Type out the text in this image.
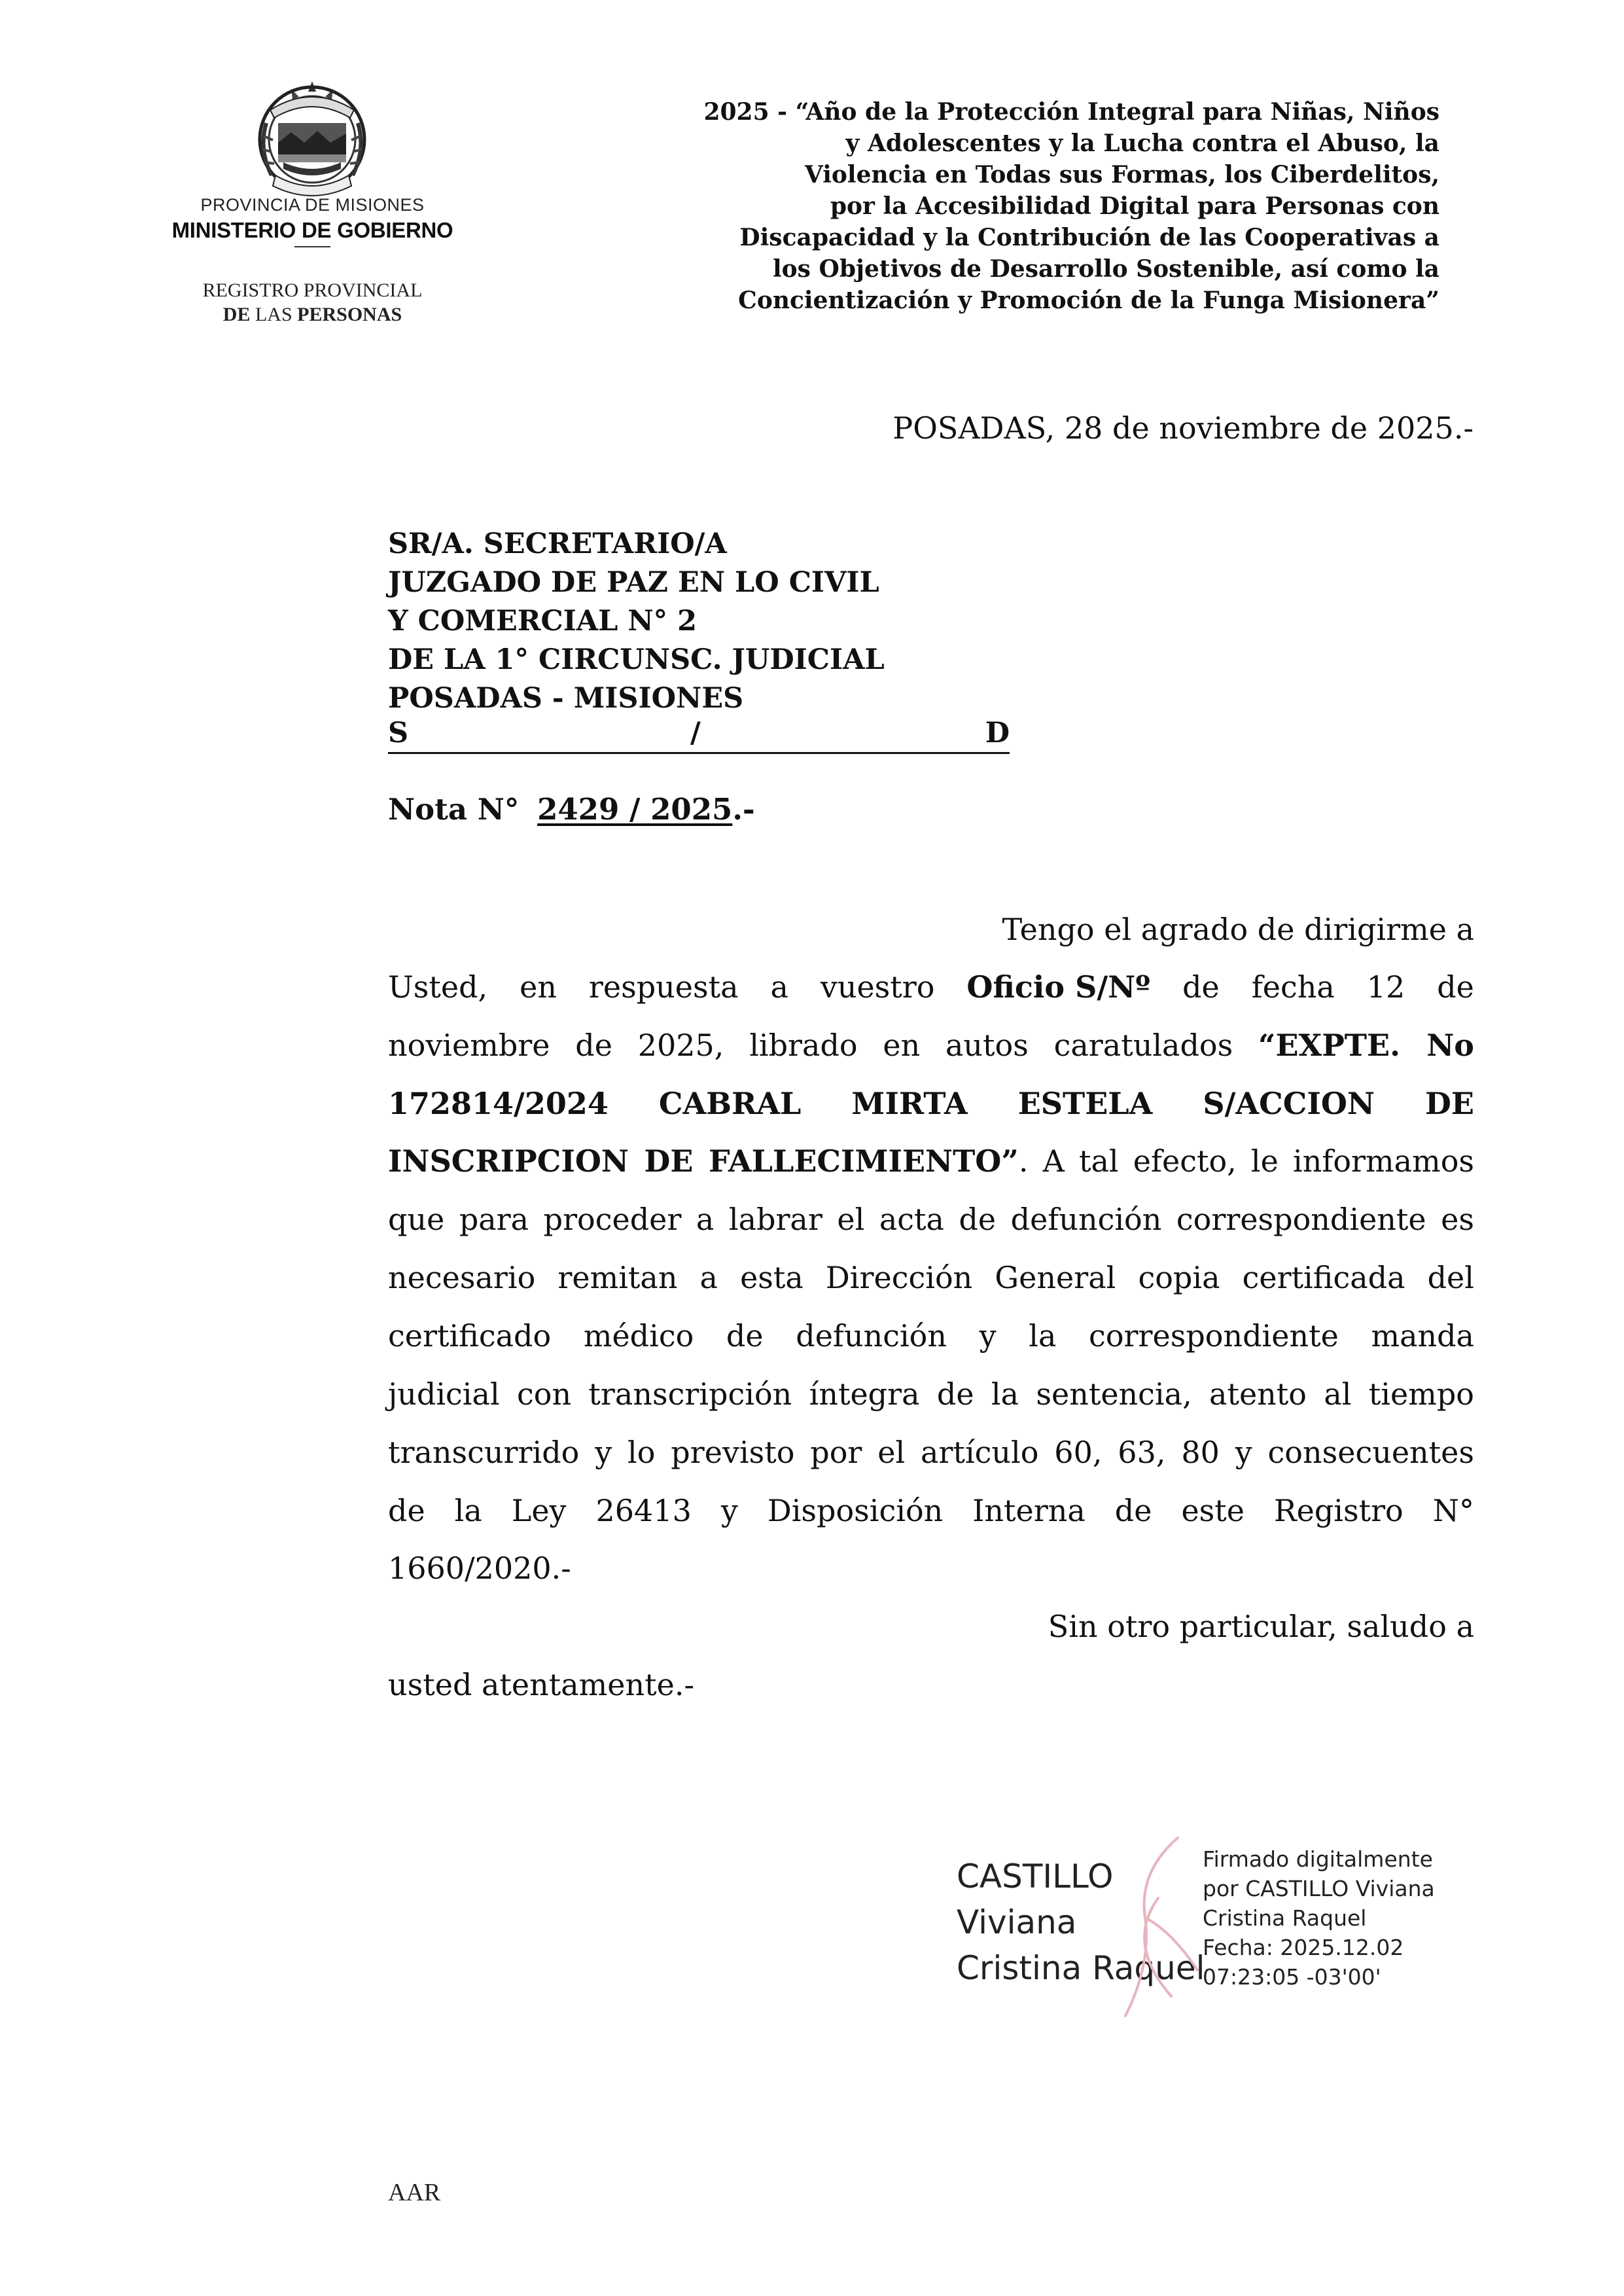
PROVINCIA DE MISIONES
MINISTERIO DE GOBIERNO
REGISTRO PROVINCIAL
DE LAS PERSONAS
2025 - “Año de la Protección Integral para Niñas, Niños
y Adolescentes y la Lucha contra el Abuso, la
Violencia en Todas sus Formas, los Ciberdelitos,
por la Accesibilidad Digital para Personas con
Discapacidad y la Contribución de las Cooperativas a
los Objetivos de Desarrollo Sostenible, así como la
Concientización y Promoción de la Funga Misionera”
POSADAS, 28 de noviembre de 2025.-
SR/A. SECRETARIO/A
JUZGADO DE PAZ EN LO CIVIL
Y COMERCIAL N° 2
DE LA 1° CIRCUNSC. JUDICIAL
POSADAS - MISIONES
S	/	D
Nota N° 2429 / 2025.-
Tengo el agrado de dirigirme a
Usted, en respuesta a vuestro Oficio S/Nº de fecha 12 de
noviembre de 2025, librado en autos caratulados “EXPTE. No
172814/2024 CABRAL MIRTA ESTELA S/ACCION DE
INSCRIPCION DE FALLECIMIENTO”. A tal efecto, le informamos
que para proceder a labrar el acta de defunción correspondiente es
necesario remitan a esta Dirección General copia certificada del
certificado médico de defunción y la correspondiente manda
judicial con transcripción íntegra de la sentencia, atento al tiempo
transcurrido y lo previsto por el artículo 60, 63, 80 y consecuentes
de la Ley 26413 y Disposición Interna de este Registro N°
1660/2020.-
Sin otro particular, saludo a
usted atentamente.-
CASTILLO
Viviana
Cristina Raquel
Firmado digitalmente
por CASTILLO Viviana
Cristina Raquel
Fecha: 2025.12.02
07:23:05 -03'00'
AAR
